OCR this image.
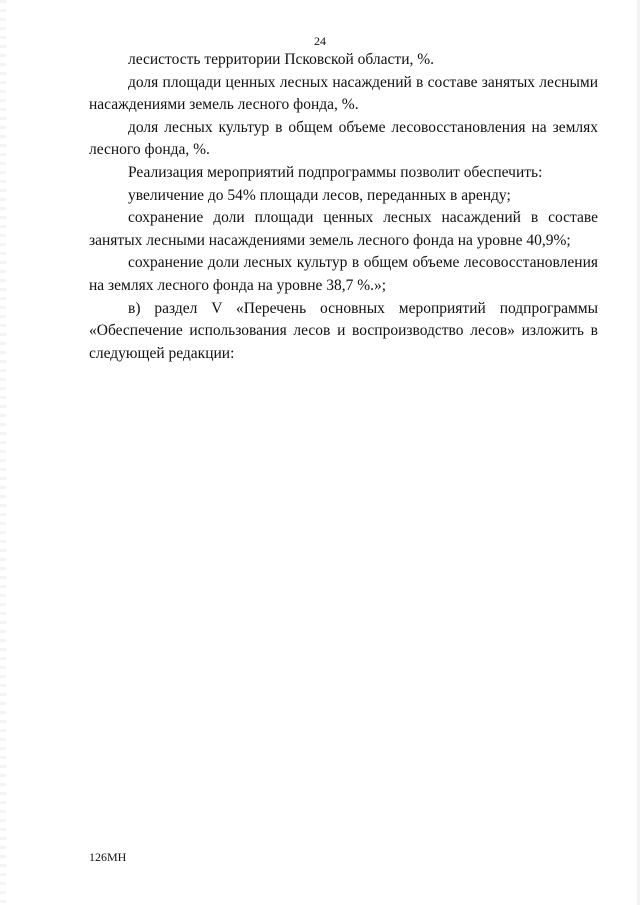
24

лесистость территории Псковской области, %.

доля площади ценных лесных насаждений в составе занятых лесными насаждениями земель лесного фонда, %.

доля лесных культур в общем объеме лесовосстановления на землях лесного фонда, %.

Реализация мероприятий подпрограммы позволит обеспечить:

увеличение до 54% площади лесов, переданных в аренду;

сохранение доли площади ценных лесных насаждений в составе занятых лесными насаждениями земель лесного фонда на уровне 40,9%;

сохранение доли лесных культур в общем объеме лесовосстановления на землях лесного фонда на уровне 38,7 %.»;

в) раздел V «Перечень основных мероприятий подпрограммы «Обеспечение использования лесов и воспроизводство лесов» изложить в следующей редакции:

126МН
